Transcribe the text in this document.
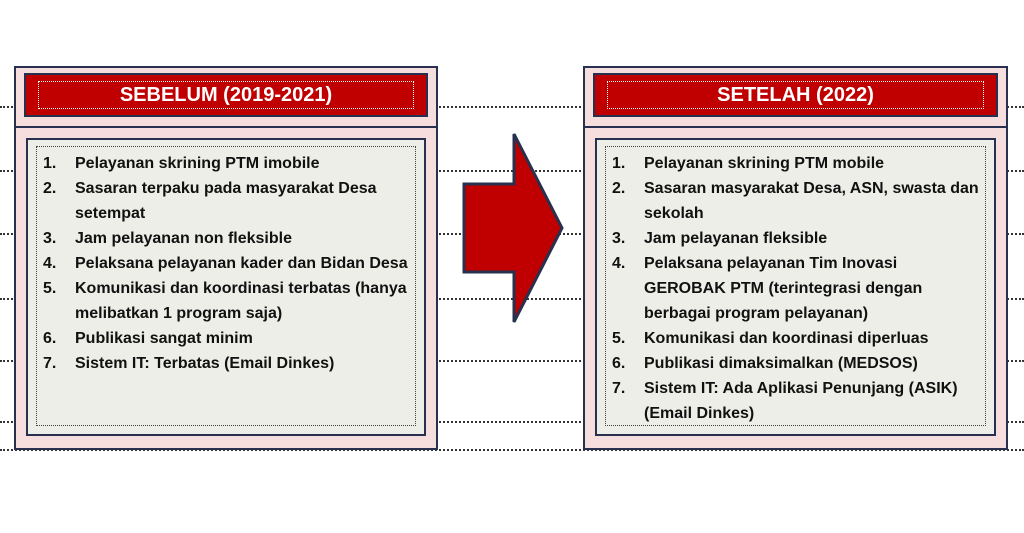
SEBELUM (2019-2021)
1.	Pelayanan skrining PTM imobile
2.	Sasaran terpaku pada masyarakat Desa setempat
3.	Jam pelayanan non fleksible
4.	Pelaksana pelayanan kader dan Bidan Desa
5.	Komunikasi dan koordinasi terbatas (hanya melibatkan 1 program saja)
6.	Publikasi sangat minim
7.	Sistem IT: Terbatas (Email Dinkes)
SETELAH (2022)
1.	Pelayanan skrining PTM mobile
2.	Sasaran masyarakat Desa, ASN, swasta dan sekolah
3.	Jam pelayanan fleksible
4.	Pelaksana pelayanan Tim Inovasi GEROBAK PTM (terintegrasi dengan berbagai program pelayanan)
5.	Komunikasi dan koordinasi diperluas
6.	Publikasi dimaksimalkan (MEDSOS)
7.	Sistem IT: Ada Aplikasi Penunjang (ASIK) (Email Dinkes)
